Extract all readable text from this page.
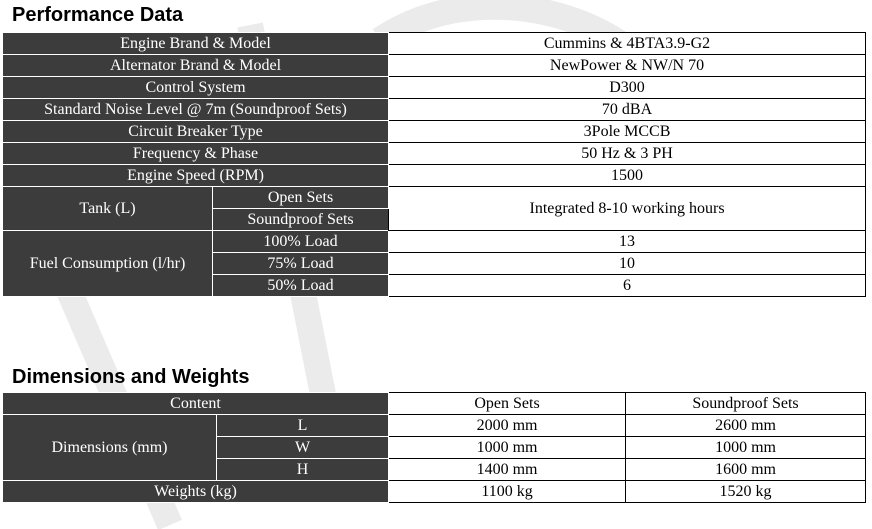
Performance Data
Engine Brand & Model		Cummins & 4BTA3.9-G2
Alternator Brand & Model		NewPower & NW/N 70
Control System		D300
Standard Noise Level @ 7m (Soundproof Sets)		70 dBA
Circuit Breaker Type		3Pole MCCB
Frequency & Phase		50 Hz & 3 PH
Engine Speed (RPM)		1500
Tank (L)	Open Sets	Integrated 8-10 working hours
	Soundproof Sets	
Fuel Consumption (l/hr)	100% Load	13
	75% Load	10
	50% Load	6
Dimensions and Weights
Content		Open Sets	Soundproof Sets
Dimensions (mm)	L	2000 mm	2600 mm
	W	1000 mm	1000 mm
	H	1400 mm	1600 mm
Weights (kg)		1100 kg	1520 kg
